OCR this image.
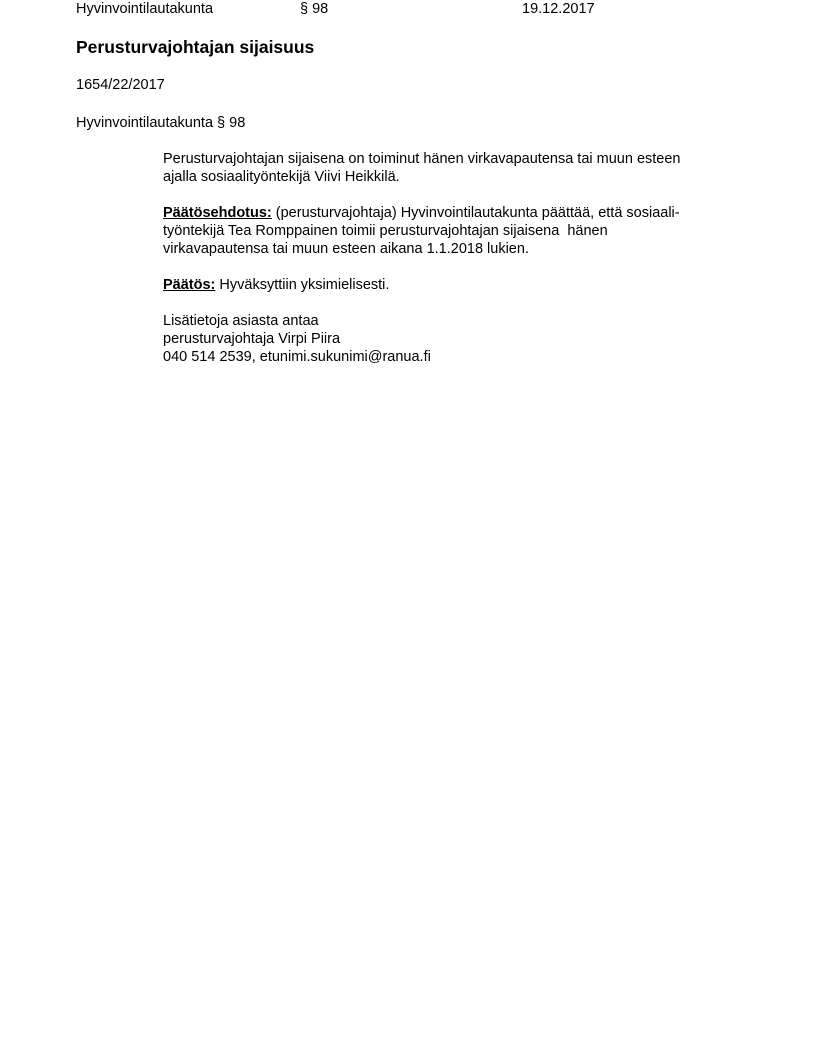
Hyvinvointilautakunta	§ 98	19.12.2017
Perusturvajohtajan sijaisuus
1654/22/2017
Hyvinvointilautakunta § 98

Perusturvajohtajan sijaisena on toiminut hänen virkavapautensa tai muun esteen
ajalla sosiaalityöntekijä Viivi Heikkilä.

Päätösehdotus: (perusturvajohtaja) Hyvinvointilautakunta päättää, että sosiaali-
työntekijä Tea Romppainen toimii perusturvajohtajan sijaisena  hänen
virkavapautensa tai muun esteen aikana 1.1.2018 lukien.

Päätös: Hyväksyttiin yksimielisesti.

Lisätietoja asiasta antaa
perusturvajohtaja Virpi Piira
040 514 2539, etunimi.sukunimi@ranua.fi
